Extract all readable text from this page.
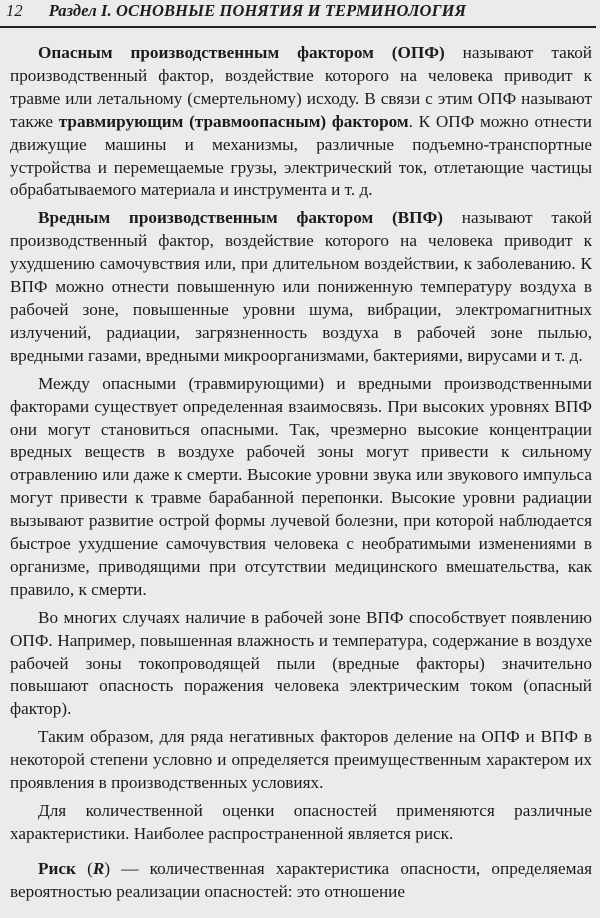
12 Раздел I. ОСНОВНЫЕ ПОНЯТИЯ И ТЕРМИНОЛОГИЯ

Опасным производственным фактором (ОПФ) называют такой производственный фактор, воздействие которого на человека приводит к травме или летальному (смертельному) исходу. В связи с этим ОПФ называют также травмирующим (травмоопасным) фактором. К ОПФ можно отнести движущие машины и механизмы, различные подъемно-транспортные устройства и перемещаемые грузы, электрический ток, отлетающие частицы обрабатываемого материала и инструмента и т. д.

Вредным производственным фактором (ВПФ) называют такой производственный фактор, воздействие которого на человека приводит к ухудшению самочувствия или, при длительном воздействии, к заболеванию. К ВПФ можно отнести повышенную или пониженную температуру воздуха в рабочей зоне, повышенные уровни шума, вибрации, электромагнитных излучений, радиации, загрязненность воздуха в рабочей зоне пылью, вредными газами, вредными микроорганизмами, бактериями, вирусами и т. д.

Между опасными (травмирующими) и вредными производственными факторами существует определенная взаимосвязь. При высоких уровнях ВПФ они могут становиться опасными. Так, чрезмерно высокие концентрации вредных веществ в воздухе рабочей зоны могут привести к сильному отравлению или даже к смерти. Высокие уровни звука или звукового импульса могут привести к травме барабанной перепонки. Высокие уровни радиации вызывают развитие острой формы лучевой болезни, при которой наблюдается быстрое ухудшение самочувствия человека с необратимыми изменениями в организме, приводящими при отсутствии медицинского вмешательства, как правило, к смерти.

Во многих случаях наличие в рабочей зоне ВПФ способствует появлению ОПФ. Например, повышенная влажность и температура, содержание в воздухе рабочей зоны токопроводящей пыли (вредные факторы) значительно повышают опасность поражения человека электрическим током (опасный фактор).

Таким образом, для ряда негативных факторов деление на ОПФ и ВПФ в некоторой степени условно и определяется преимущественным характером их проявления в производственных условиях.

Для количественной оценки опасностей применяются различные характеристики. Наиболее распространенной является риск.

Риск (R) — количественная характеристика опасности, определяемая вероятностью реализации опасностей: это отношение
